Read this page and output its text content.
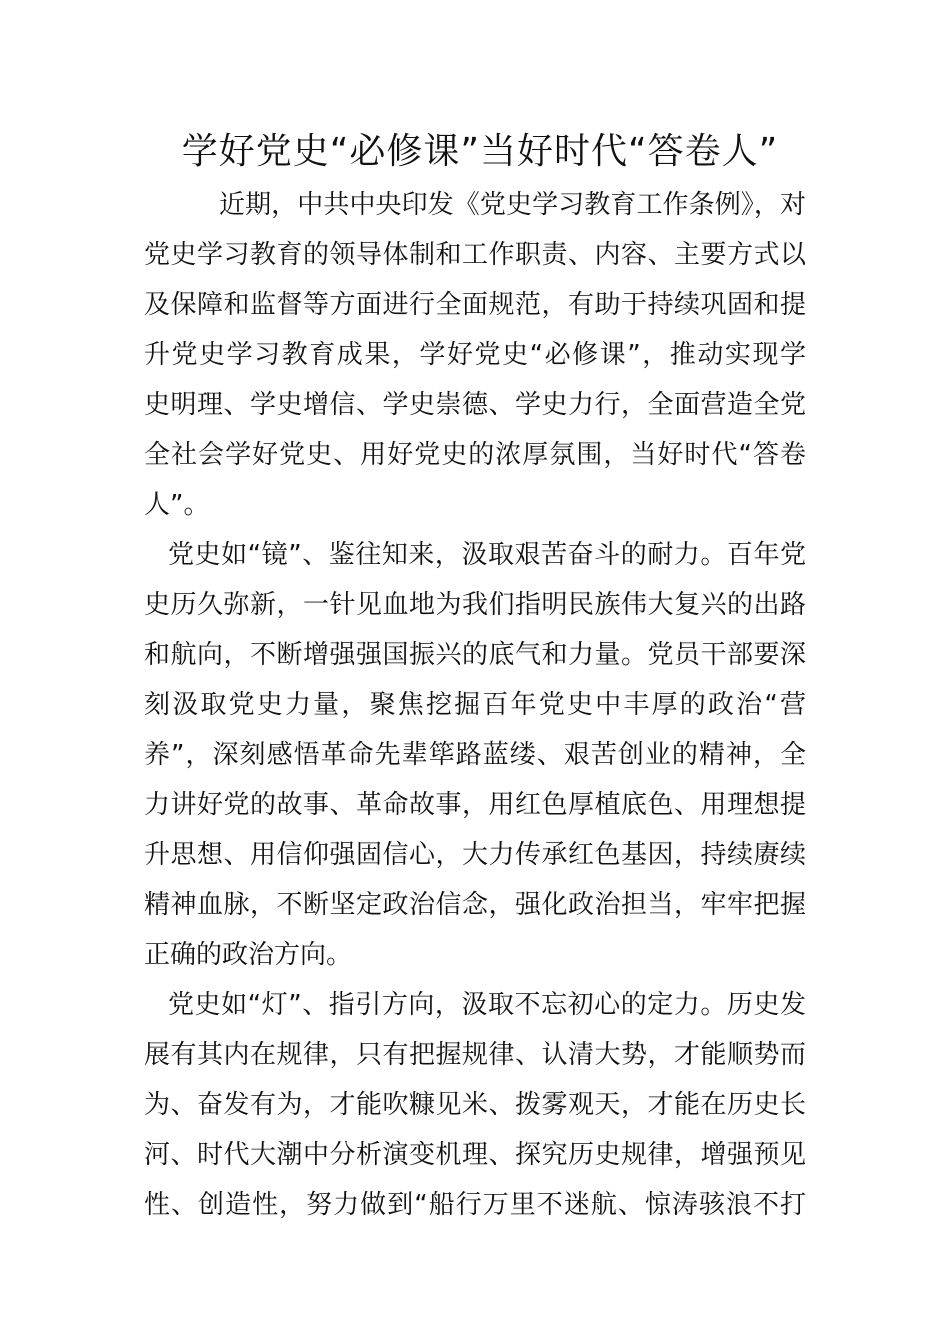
学好党史“必修课”当好时代“答卷人”
近期，中共中央印发《党史学习教育工作条例》，对
党史学习教育的领导体制和工作职责、内容、主要方式以
及保障和监督等方面进行全面规范，有助于持续巩固和提
升党史学习教育成果，学好党史“必修课”，推动实现学
史明理、学史增信、学史崇德、学史力行，全面营造全党
全社会学好党史、用好党史的浓厚氛围，当好时代“答卷
人”。
党史如“镜”、鉴往知来，汲取艰苦奋斗的耐力。百年党
史历久弥新，一针见血地为我们指明民族伟大复兴的出路
和航向，不断增强强国振兴的底气和力量。党员干部要深
刻汲取党史力量，聚焦挖掘百年党史中丰厚的政治“营
养”，深刻感悟革命先辈筚路蓝缕、艰苦创业的精神，全
力讲好党的故事、革命故事，用红色厚植底色、用理想提
升思想、用信仰强固信心，大力传承红色基因，持续赓续
精神血脉，不断坚定政治信念，强化政治担当，牢牢把握
正确的政治方向。
党史如“灯”、指引方向，汲取不忘初心的定力。历史发
展有其内在规律，只有把握规律、认清大势，才能顺势而
为、奋发有为，才能吹糠见米、拨雾观天，才能在历史长
河、时代大潮中分析演变机理、探究历史规律，增强预见
性、创造性，努力做到“船行万里不迷航、惊涛骇浪不打
